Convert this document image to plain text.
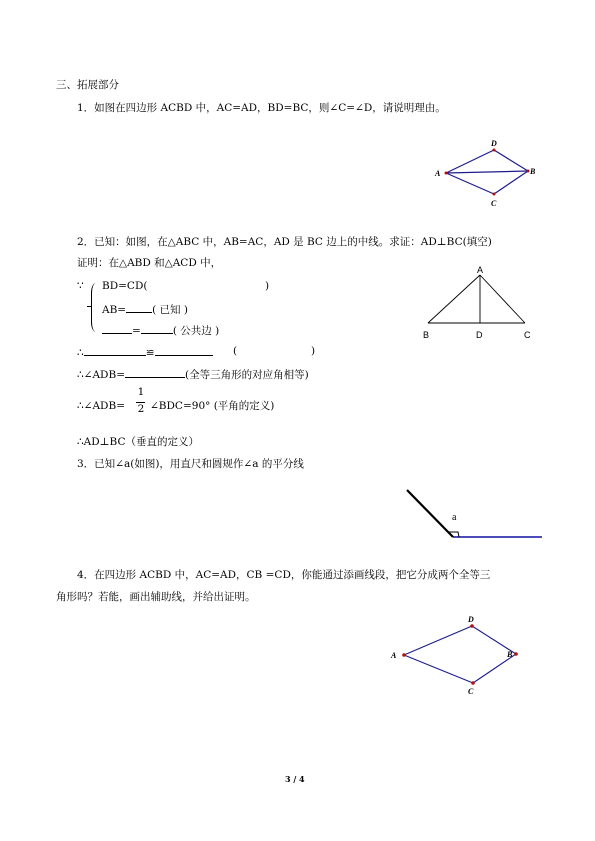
三、拓展部分
1．如图在四边形 ACBD 中，AC=AD，BD=BC，则∠C=∠D，请说明理由。
A
D
B
C
2．已知：如图，在△ABC 中，AB=AC，AD 是 BC 边上的中线。求证：AD⊥BC(填空)
证明：在△ABD 和△ACD 中，
∵ BD=CD(	)
AB= ( 已知 )
=	( 公共边 )
∴	≌	(	)
∴∠ADB=	(全等三角形的对应角相等)
∴∠ADB=
1
2 ∠BDC=90° (平角的定义)
∴AD⊥BC（垂直的定义）
A
B	D	C
3．已知∠a(如图)，用直尺和圆规作∠a 的平分线
a
4．在四边形 ACBD 中，AC=AD，CB =CD，你能通过添画线段，把它分成两个全等三
角形吗？若能，画出辅助线，并给出证明。
A
D
B
C
3 / 4
